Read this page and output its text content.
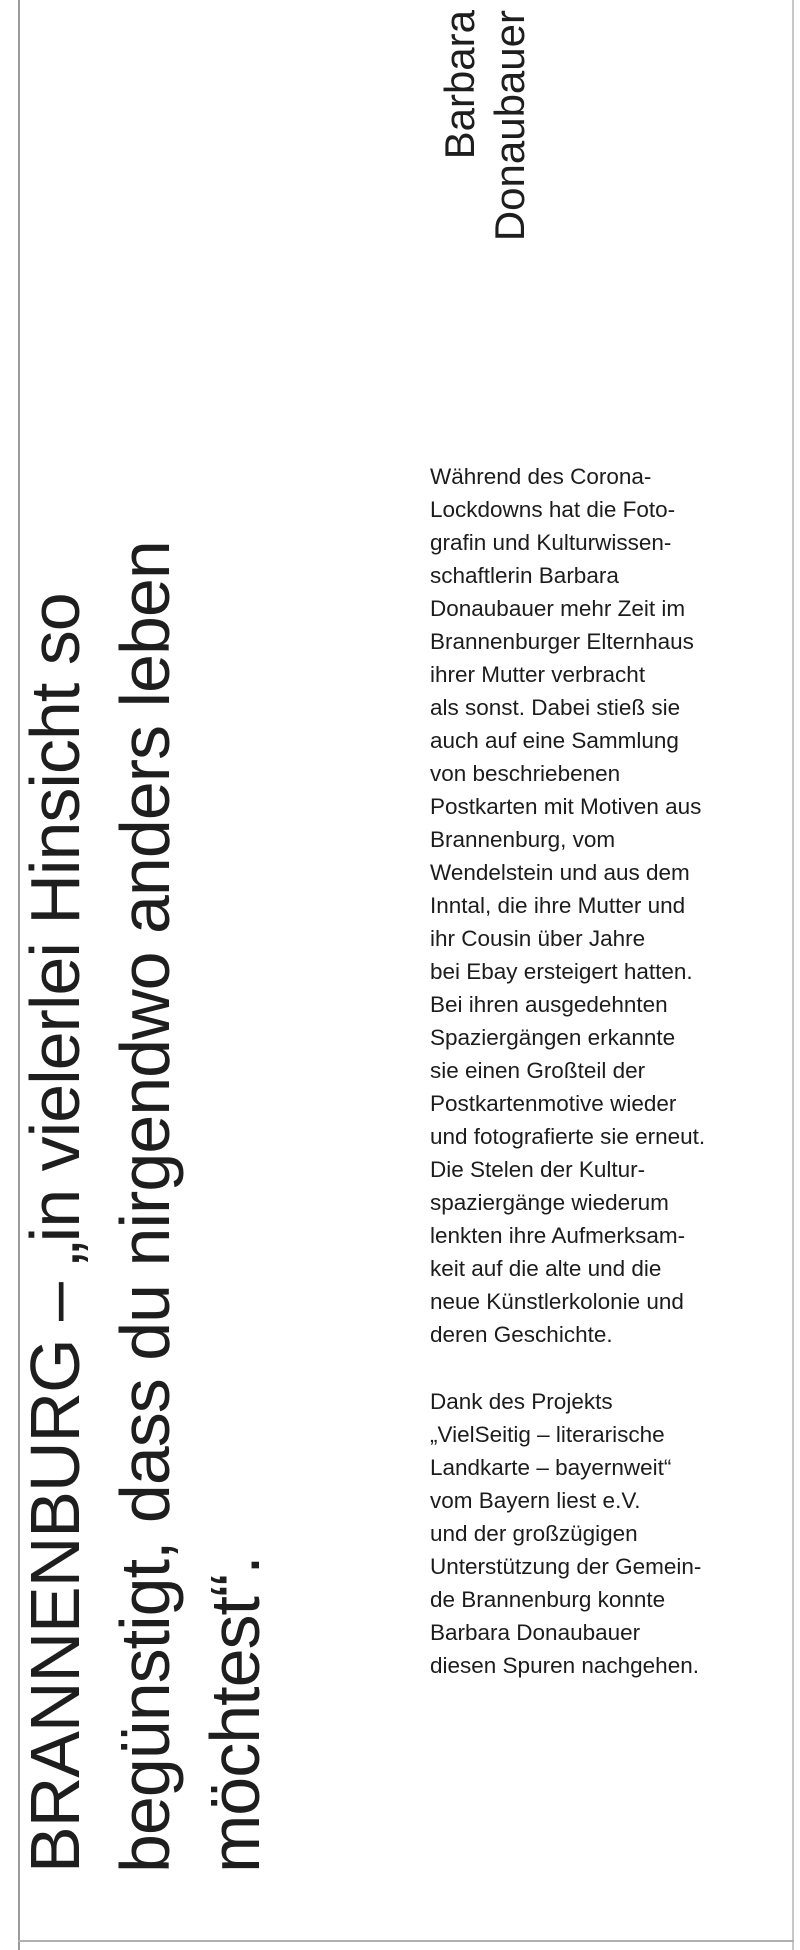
BRANNENBURG – „in vielerlei Hinsicht so begünstigt, dass du nirgendwo anders leben möchtest“.

Barbara Donaubauer

Während des Corona-
Lockdowns hat die Foto-
grafin und Kulturwissen-
schaftlerin Barbara
Donaubauer mehr Zeit im
Brannenburger Elternhaus
ihrer Mutter verbracht
als sonst. Dabei stieß sie
auch auf eine Sammlung
von beschriebenen
Postkarten mit Motiven aus
Brannenburg, vom
Wendelstein und aus dem
Inntal, die ihre Mutter und
ihr Cousin über Jahre
bei Ebay ersteigert hatten.
Bei ihren ausgedehnten
Spaziergängen erkannte
sie einen Großteil der
Postkartenmotive wieder
und fotografierte sie erneut.
Die Stelen der Kultur-
spaziergänge wiederum
lenkten ihre Aufmerksam-
keit auf die alte und die
neue Künstlerkolonie und
deren Geschichte.
Dank des Projekts
„VielSeitig – literarische
Landkarte – bayernweit“
vom Bayern liest e.V.
und der großzügigen
Unterstützung der Gemein-
de Brannenburg konnte
Barbara Donaubauer
diesen Spuren nachgehen.
